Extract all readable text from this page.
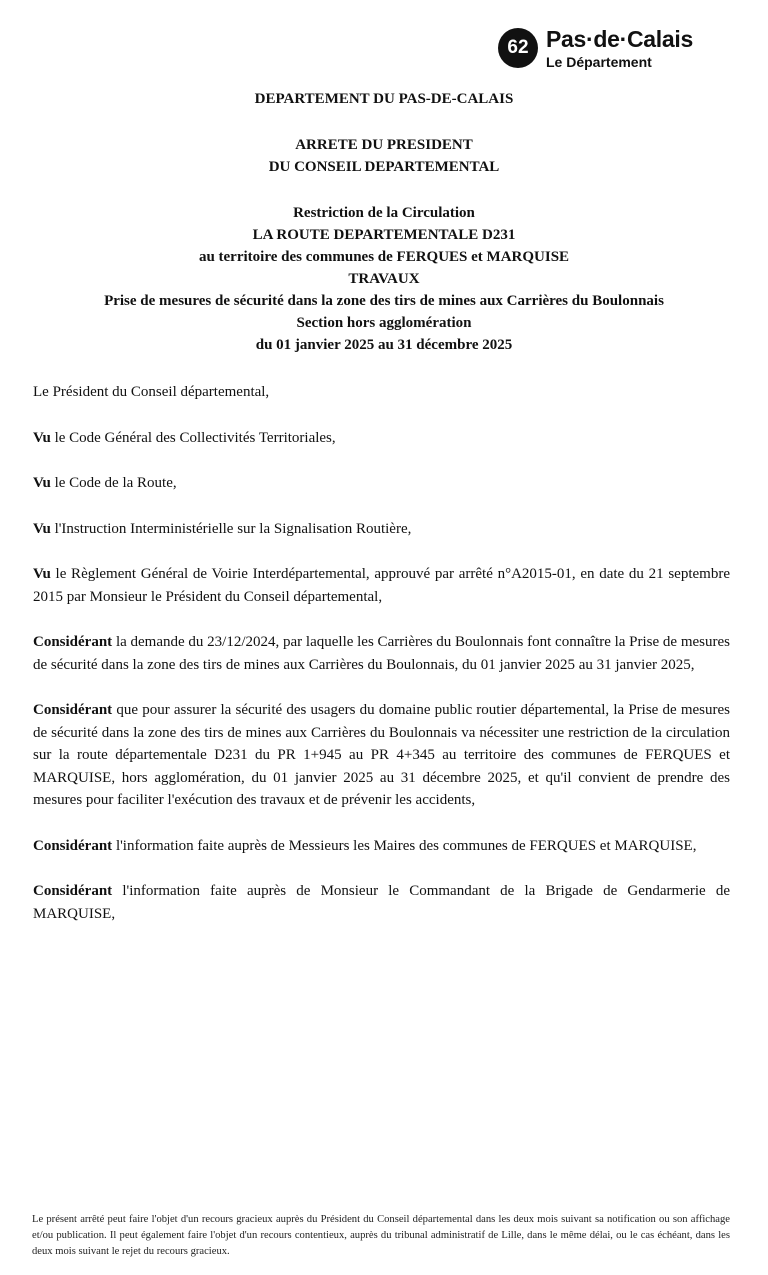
62 Pas·de·Calais
Le Département
DEPARTEMENT DU PAS-DE-CALAIS
ARRETE DU PRESIDENT
DU CONSEIL DEPARTEMENTAL
Restriction de la Circulation
LA ROUTE DEPARTEMENTALE D231
au territoire des communes de FERQUES et MARQUISE
TRAVAUX
Prise de mesures de sécurité dans la zone des tirs de mines aux Carrières du Boulonnais
Section hors agglomération
du 01 janvier 2025 au 31 décembre 2025

Le Président du Conseil départemental,

Vu le Code Général des Collectivités Territoriales,

Vu le Code de la Route,

Vu l'Instruction Interministérielle sur la Signalisation Routière,

Vu le Règlement Général de Voirie Interdépartemental, approuvé par arrêté n°A2015-01, en date du 21 septembre 2015 par Monsieur le Président du Conseil départemental,

Considérant la demande du 23/12/2024, par laquelle les Carrières du Boulonnais font connaître la Prise de mesures de sécurité dans la zone des tirs de mines aux Carrières du Boulonnais, du 01 janvier 2025 au 31 janvier 2025,

Considérant que pour assurer la sécurité des usagers du domaine public routier départemental, la Prise de mesures de sécurité dans la zone des tirs de mines aux Carrières du Boulonnais va nécessiter une restriction de la circulation sur la route départementale D231 du PR 1+945 au PR 4+345 au territoire des communes de FERQUES et MARQUISE, hors agglomération, du 01 janvier 2025 au 31 décembre 2025, et qu'il convient de prendre des mesures pour faciliter l'exécution des travaux et de prévenir les accidents,

Considérant l'information faite auprès de Messieurs les Maires des communes de FERQUES et MARQUISE,

Considérant l'information faite auprès de Monsieur le Commandant de la Brigade de Gendarmerie de MARQUISE,

Le présent arrêté peut faire l'objet d'un recours gracieux auprès du Président du Conseil départemental dans les deux mois suivant sa notification ou son affichage et/ou publication. Il peut également faire l'objet d'un recours contentieux, auprès du tribunal administratif de Lille, dans le même délai, ou le cas échéant, dans les deux mois suivant le rejet du recours gracieux.
